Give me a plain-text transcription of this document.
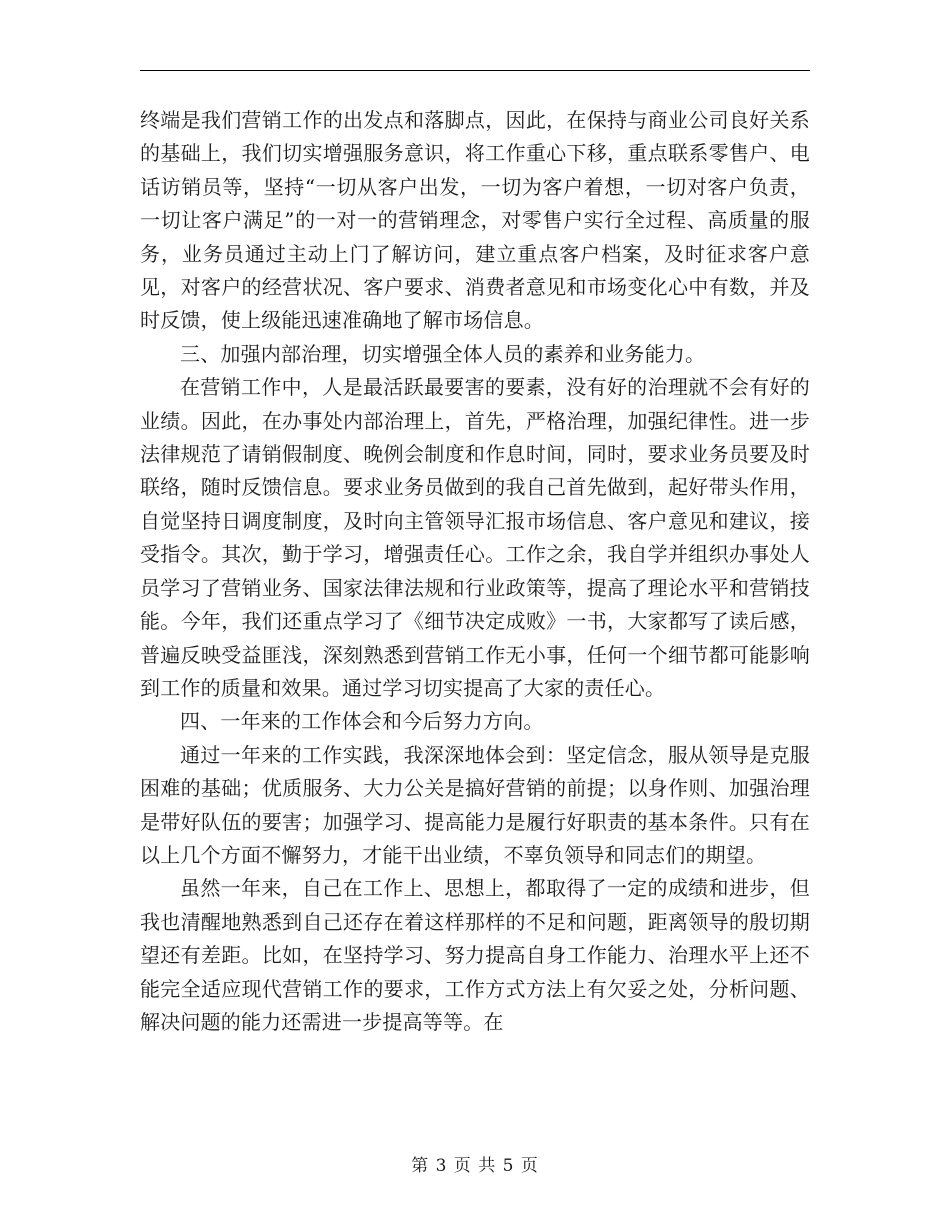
终端是我们营销工作的出发点和落脚点，因此，在保持与商业公司良好关系的基础上，我们切实增强服务意识，将工作重心下移，重点联系零售户、电话访销员等，坚持“一切从客户出发，一切为客户着想，一切对客户负责，一切让客户满足”的一对一的营销理念，对零售户实行全过程、高质量的服务，业务员通过主动上门了解访问，建立重点客户档案，及时征求客户意见，对客户的经营状况、客户要求、消费者意见和市场变化心中有数，并及时反馈，使上级能迅速准确地了解市场信息。

三、加强内部治理，切实增强全体人员的素养和业务能力。

在营销工作中，人是最活跃最要害的要素，没有好的治理就不会有好的业绩。因此，在办事处内部治理上，首先，严格治理，加强纪律性。进一步法律规范了请销假制度、晚例会制度和作息时间，同时，要求业务员要及时联络，随时反馈信息。要求业务员做到的我自己首先做到，起好带头作用，自觉坚持日调度制度，及时向主管领导汇报市场信息、客户意见和建议，接受指令。其次，勤于学习，增强责任心。工作之余，我自学并组织办事处人员学习了营销业务、国家法律法规和行业政策等，提高了理论水平和营销技能。今年，我们还重点学习了《细节决定成败》一书，大家都写了读后感，普遍反映受益匪浅，深刻熟悉到营销工作无小事，任何一个细节都可能影响到工作的质量和效果。通过学习切实提高了大家的责任心。

四、一年来的工作体会和今后努力方向。

通过一年来的工作实践，我深深地体会到：坚定信念，服从领导是克服困难的基础；优质服务、大力公关是搞好营销的前提；以身作则、加强治理是带好队伍的要害；加强学习、提高能力是履行好职责的基本条件。只有在以上几个方面不懈努力，才能干出业绩，不辜负领导和同志们的期望。

虽然一年来，自己在工作上、思想上，都取得了一定的成绩和进步，但我也清醒地熟悉到自己还存在着这样那样的不足和问题，距离领导的殷切期望还有差距。比如，在坚持学习、努力提高自身工作能力、治理水平上还不能完全适应现代营销工作的要求，工作方式方法上有欠妥之处，分析问题、解决问题的能力还需进一步提高等等。在

第 3 页 共 5 页
